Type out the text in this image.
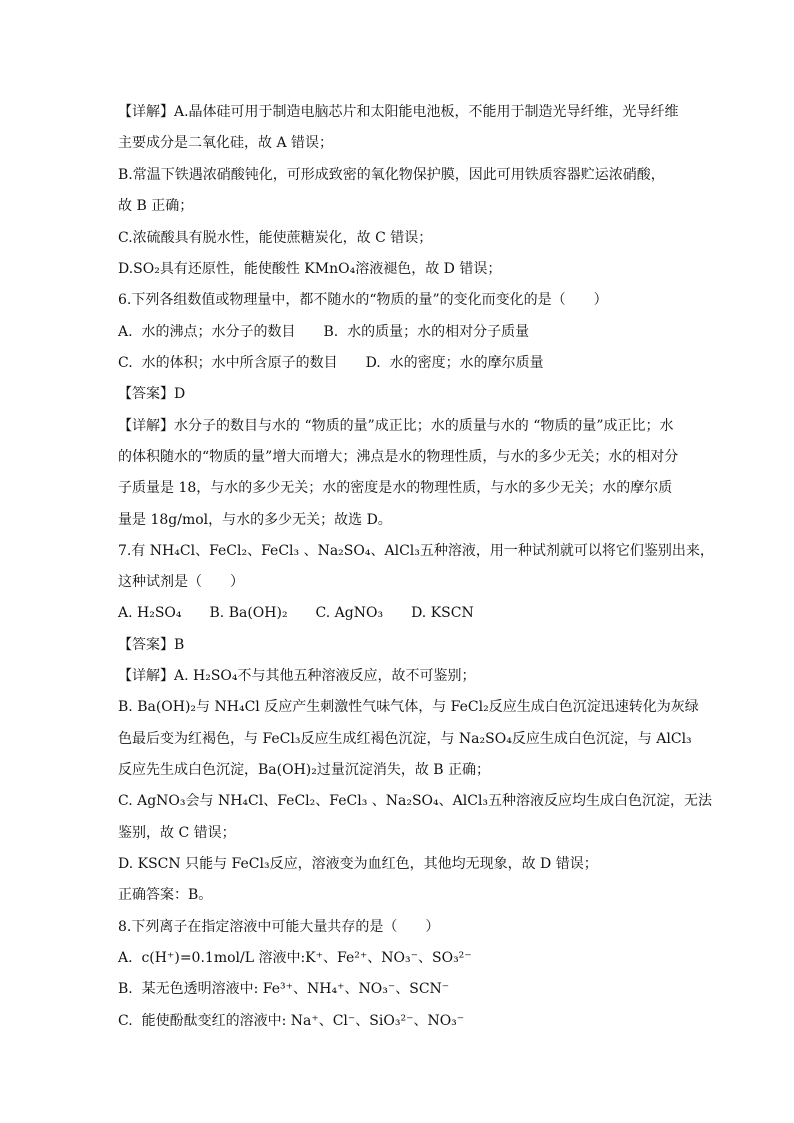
【详解】A.晶体硅可用于制造电脑芯片和太阳能电池板，不能用于制造光导纤维，光导纤维
主要成分是二氧化硅，故 A 错误；
B.常温下铁遇浓硝酸钝化，可形成致密的氧化物保护膜，因此可用铁质容器贮运浓硝酸，
故 B 正确；
C.浓硫酸具有脱水性，能使蔗糖炭化，故 C 错误；
D.SO₂具有还原性，能使酸性 KMnO₄溶液褪色，故 D 错误；
6.下列各组数值或物理量中，都不随水的“物质的量”的变化而变化的是（　　）
A.  水的沸点；水分子的数目　　B.  水的质量；水的相对分子质量
C.  水的体积；水中所含原子的数目　　D.  水的密度；水的摩尔质量
【答案】D
【详解】水分子的数目与水的 “物质的量”成正比；水的质量与水的 “物质的量”成正比；水
的体积随水的“物质的量”增大而增大；沸点是水的物理性质，与水的多少无关；水的相对分
子质量是 18，与水的多少无关；水的密度是水的物理性质，与水的多少无关；水的摩尔质
量是 18g/mol，与水的多少无关；故选 D。
7.有 NH₄Cl、FeCl₂、FeCl₃ 、Na₂SO₄、AlCl₃五种溶液，用一种试剂就可以将它们鉴别出来，
这种试剂是（　　）
A. H₂SO₄　　B. Ba(OH)₂　　C. AgNO₃　　D. KSCN
【答案】B
【详解】A. H₂SO₄不与其他五种溶液反应，故不可鉴别；
B. Ba(OH)₂与 NH₄Cl 反应产生刺激性气味气体，与 FeCl₂反应生成白色沉淀迅速转化为灰绿
色最后变为红褐色，与 FeCl₃反应生成红褐色沉淀，与 Na₂SO₄反应生成白色沉淀，与 AlCl₃
反应先生成白色沉淀，Ba(OH)₂过量沉淀消失，故 B 正确；
C. AgNO₃会与 NH₄Cl、FeCl₂、FeCl₃ 、Na₂SO₄、AlCl₃五种溶液反应均生成白色沉淀，无法
鉴别，故 C 错误；
D. KSCN 只能与 FeCl₃反应，溶液变为血红色，其他均无现象，故 D 错误；
正确答案：B。
8.下列离子在指定溶液中可能大量共存的是（　　）
A.  c(H⁺)=0.1mol/L 溶液中:K⁺、Fe²⁺、NO₃⁻、SO₃²⁻
B.  某无色透明溶液中: Fe³⁺、NH₄⁺、NO₃⁻、SCN⁻
C.  能使酚酞变红的溶液中: Na⁺、Cl⁻、SiO₃²⁻、NO₃⁻
